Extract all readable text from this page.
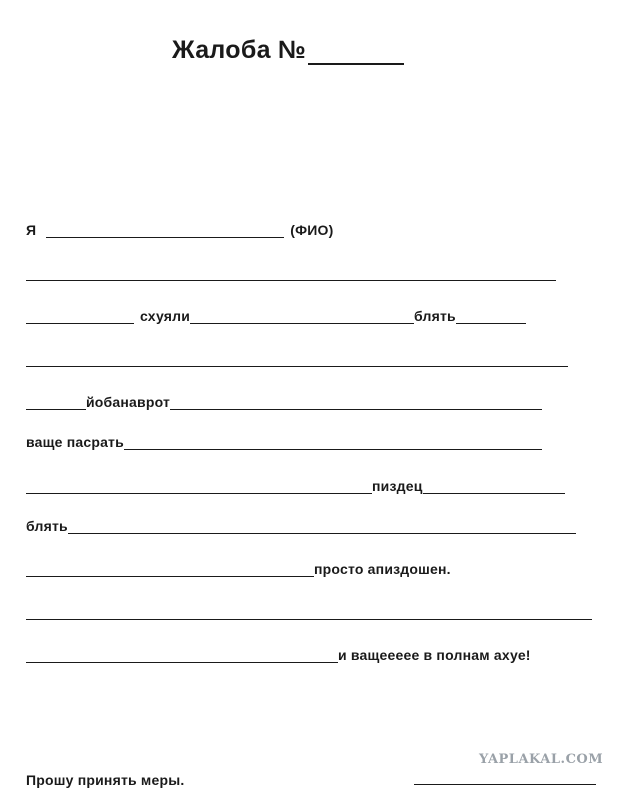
Жалоба №
Я	(ФИО)
схуяли	блять
йобанаврот
ваще пасрать
пиздец
блять
просто апиздошен.
и ващеееее в полнам ахуе!
YAPLAKAL.COM
Прошу принять меры.
